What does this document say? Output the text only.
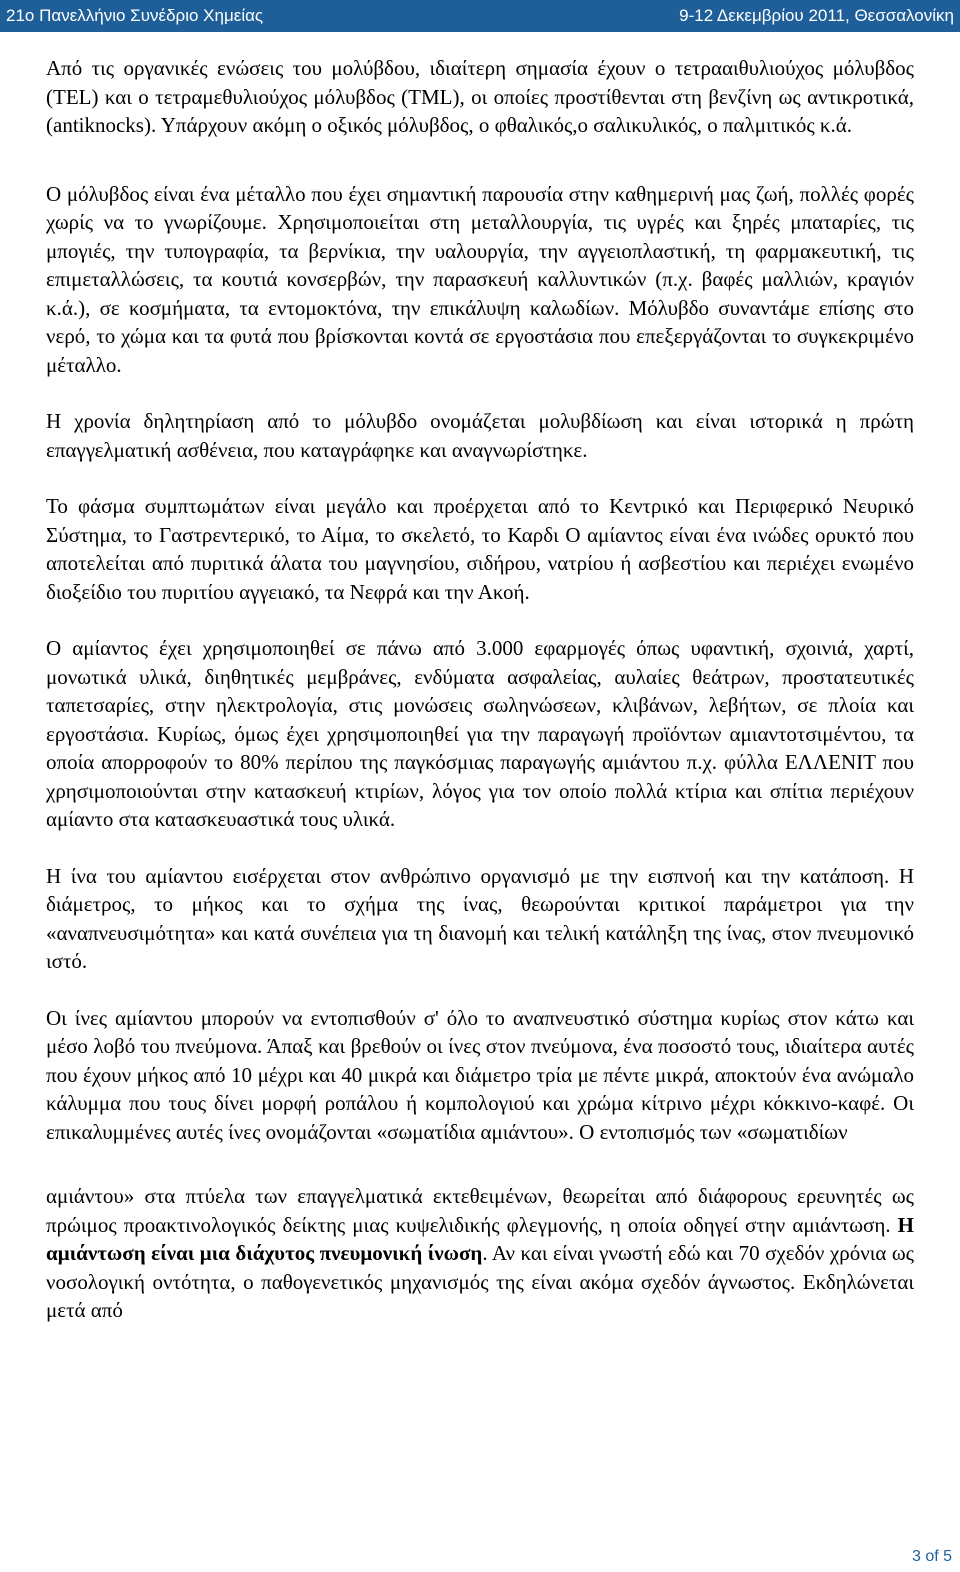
21ο Πανελλήνιο Συνέδριο Χημείας	9-12 Δεκεμβρίου 2011, Θεσσαλονίκη

Από τις οργανικές ενώσεις του μολύβδου, ιδιαίτερη σημασία έχουν ο τετρααιθυλιούχος μόλυβδος (TEL) και ο τετραμεθυλιούχος μόλυβδος (TML), οι οποίες προστίθενται στη βενζίνη ως αντικροτικά, (antiknocks). Υπάρχουν ακόμη ο οξικός μόλυβδος, ο φθαλικός,ο σαλικυλικός, ο παλμιτικός κ.ά.

Ο μόλυβδος είναι ένα μέταλλο που έχει σημαντική παρουσία στην καθημερινή μας ζωή, πολλές φορές χωρίς να το γνωρίζουμε. Χρησιμοποιείται στη μεταλλουργία, τις υγρές και ξηρές μπαταρίες, τις μπογιές, την τυπογραφία, τα βερνίκια, την υαλουργία, την αγγειοπλαστική, τη φαρμακευτική, τις επιμεταλλώσεις, τα κουτιά κονσερβών, την παρασκευή καλλυντικών (π.χ. βαφές μαλλιών, κραγιόν κ.ά.), σε κοσμήματα, τα εντομοκτόνα, την επικάλυψη καλωδίων. Μόλυβδο συναντάμε επίσης στο νερό, το χώμα και τα φυτά που βρίσκονται κοντά σε εργοστάσια που επεξεργάζονται το συγκεκριμένο μέταλλο.

Η χρονία δηλητηρίαση από το μόλυβδο ονομάζεται μολυβδίωση και είναι ιστορικά η πρώτη επαγγελματική ασθένεια, που καταγράφηκε και αναγνωρίστηκε.

Το φάσμα συμπτωμάτων είναι μεγάλο και προέρχεται από το Κεντρικό και Περιφερικό Νευρικό Σύστημα, το Γαστρεντερικό, το Αίμα, το σκελετό, το Καρδι Ο αμίαντος είναι ένα ινώδες ορυκτό που αποτελείται από πυριτικά άλατα του μαγνησίου, σιδήρου, νατρίου ή ασβεστίου και περιέχει ενωμένο διοξείδιο του πυριτίου αγγειακό, τα Νεφρά και την Ακοή.

Ο αμίαντος έχει χρησιμοποιηθεί σε πάνω από 3.000 εφαρμογές όπως υφαντική, σχοινιά, χαρτί, μονωτικά υλικά, διηθητικές μεμβράνες, ενδύματα ασφαλείας, αυλαίες θεάτρων, προστατευτικές ταπετσαρίες, στην ηλεκτρολογία, στις μονώσεις σωληνώσεων, κλιβάνων, λεβήτων, σε πλοία και εργοστάσια. Κυρίως, όμως έχει χρησιμοποιηθεί για την παραγωγή προϊόντων αμιαντοτσιμέντου, τα οποία απορροφούν το 80% περίπου της παγκόσμιας παραγωγής αμιάντου π.χ. φύλλα ΕΛΛΕΝΙΤ που χρησιμοποιούνται στην κατασκευή κτιρίων, λόγος για τον οποίο πολλά κτίρια και σπίτια περιέχουν αμίαντο στα κατασκευαστικά τους υλικά.

Η ίνα του αμίαντου εισέρχεται στον ανθρώπινο οργανισμό με την εισπνοή και την κατάποση. Η διάμετρος, το μήκος και το σχήμα της ίνας, θεωρούνται κριτικοί παράμετροι για την «αναπνευσιμότητα» και κατά συνέπεια για τη διανομή και τελική κατάληξη της ίνας, στον πνευμονικό ιστό.

Οι ίνες αμίαντου μπορούν να εντοπισθούν σ' όλο το αναπνευστικό σύστημα κυρίως στον κάτω και μέσο λοβό του πνεύμονα. Άπαξ και βρεθούν οι ίνες στον πνεύμονα, ένα ποσοστό τους, ιδιαίτερα αυτές που έχουν μήκος από 10 μέχρι και 40 μικρά και διάμετρο τρία με πέντε μικρά, αποκτούν ένα ανώμαλο κάλυμμα που τους δίνει μορφή ροπάλου ή κομπολογιού και χρώμα κίτρινο μέχρι κόκκινο-καφέ. Οι επικαλυμμένες αυτές ίνες ονομάζονται «σωματίδια αμιάντου». Ο εντοπισμός των «σωματιδίων

αμιάντου» στα πτύελα των επαγγελματικά εκτεθειμένων, θεωρείται από διάφορους ερευνητές ως πρώιμος προακτινολογικός δείκτης μιας κυψελιδικής φλεγμονής, η οποία οδηγεί στην αμιάντωση. Η αμιάντωση είναι μια διάχυτος πνευμονική ίνωση. Αν και είναι γνωστή εδώ και 70 σχεδόν χρόνια ως νοσολογική οντότητα, ο παθογενετικός μηχανισμός της είναι ακόμα σχεδόν άγνωστος. Εκδηλώνεται μετά από

3 of 5
